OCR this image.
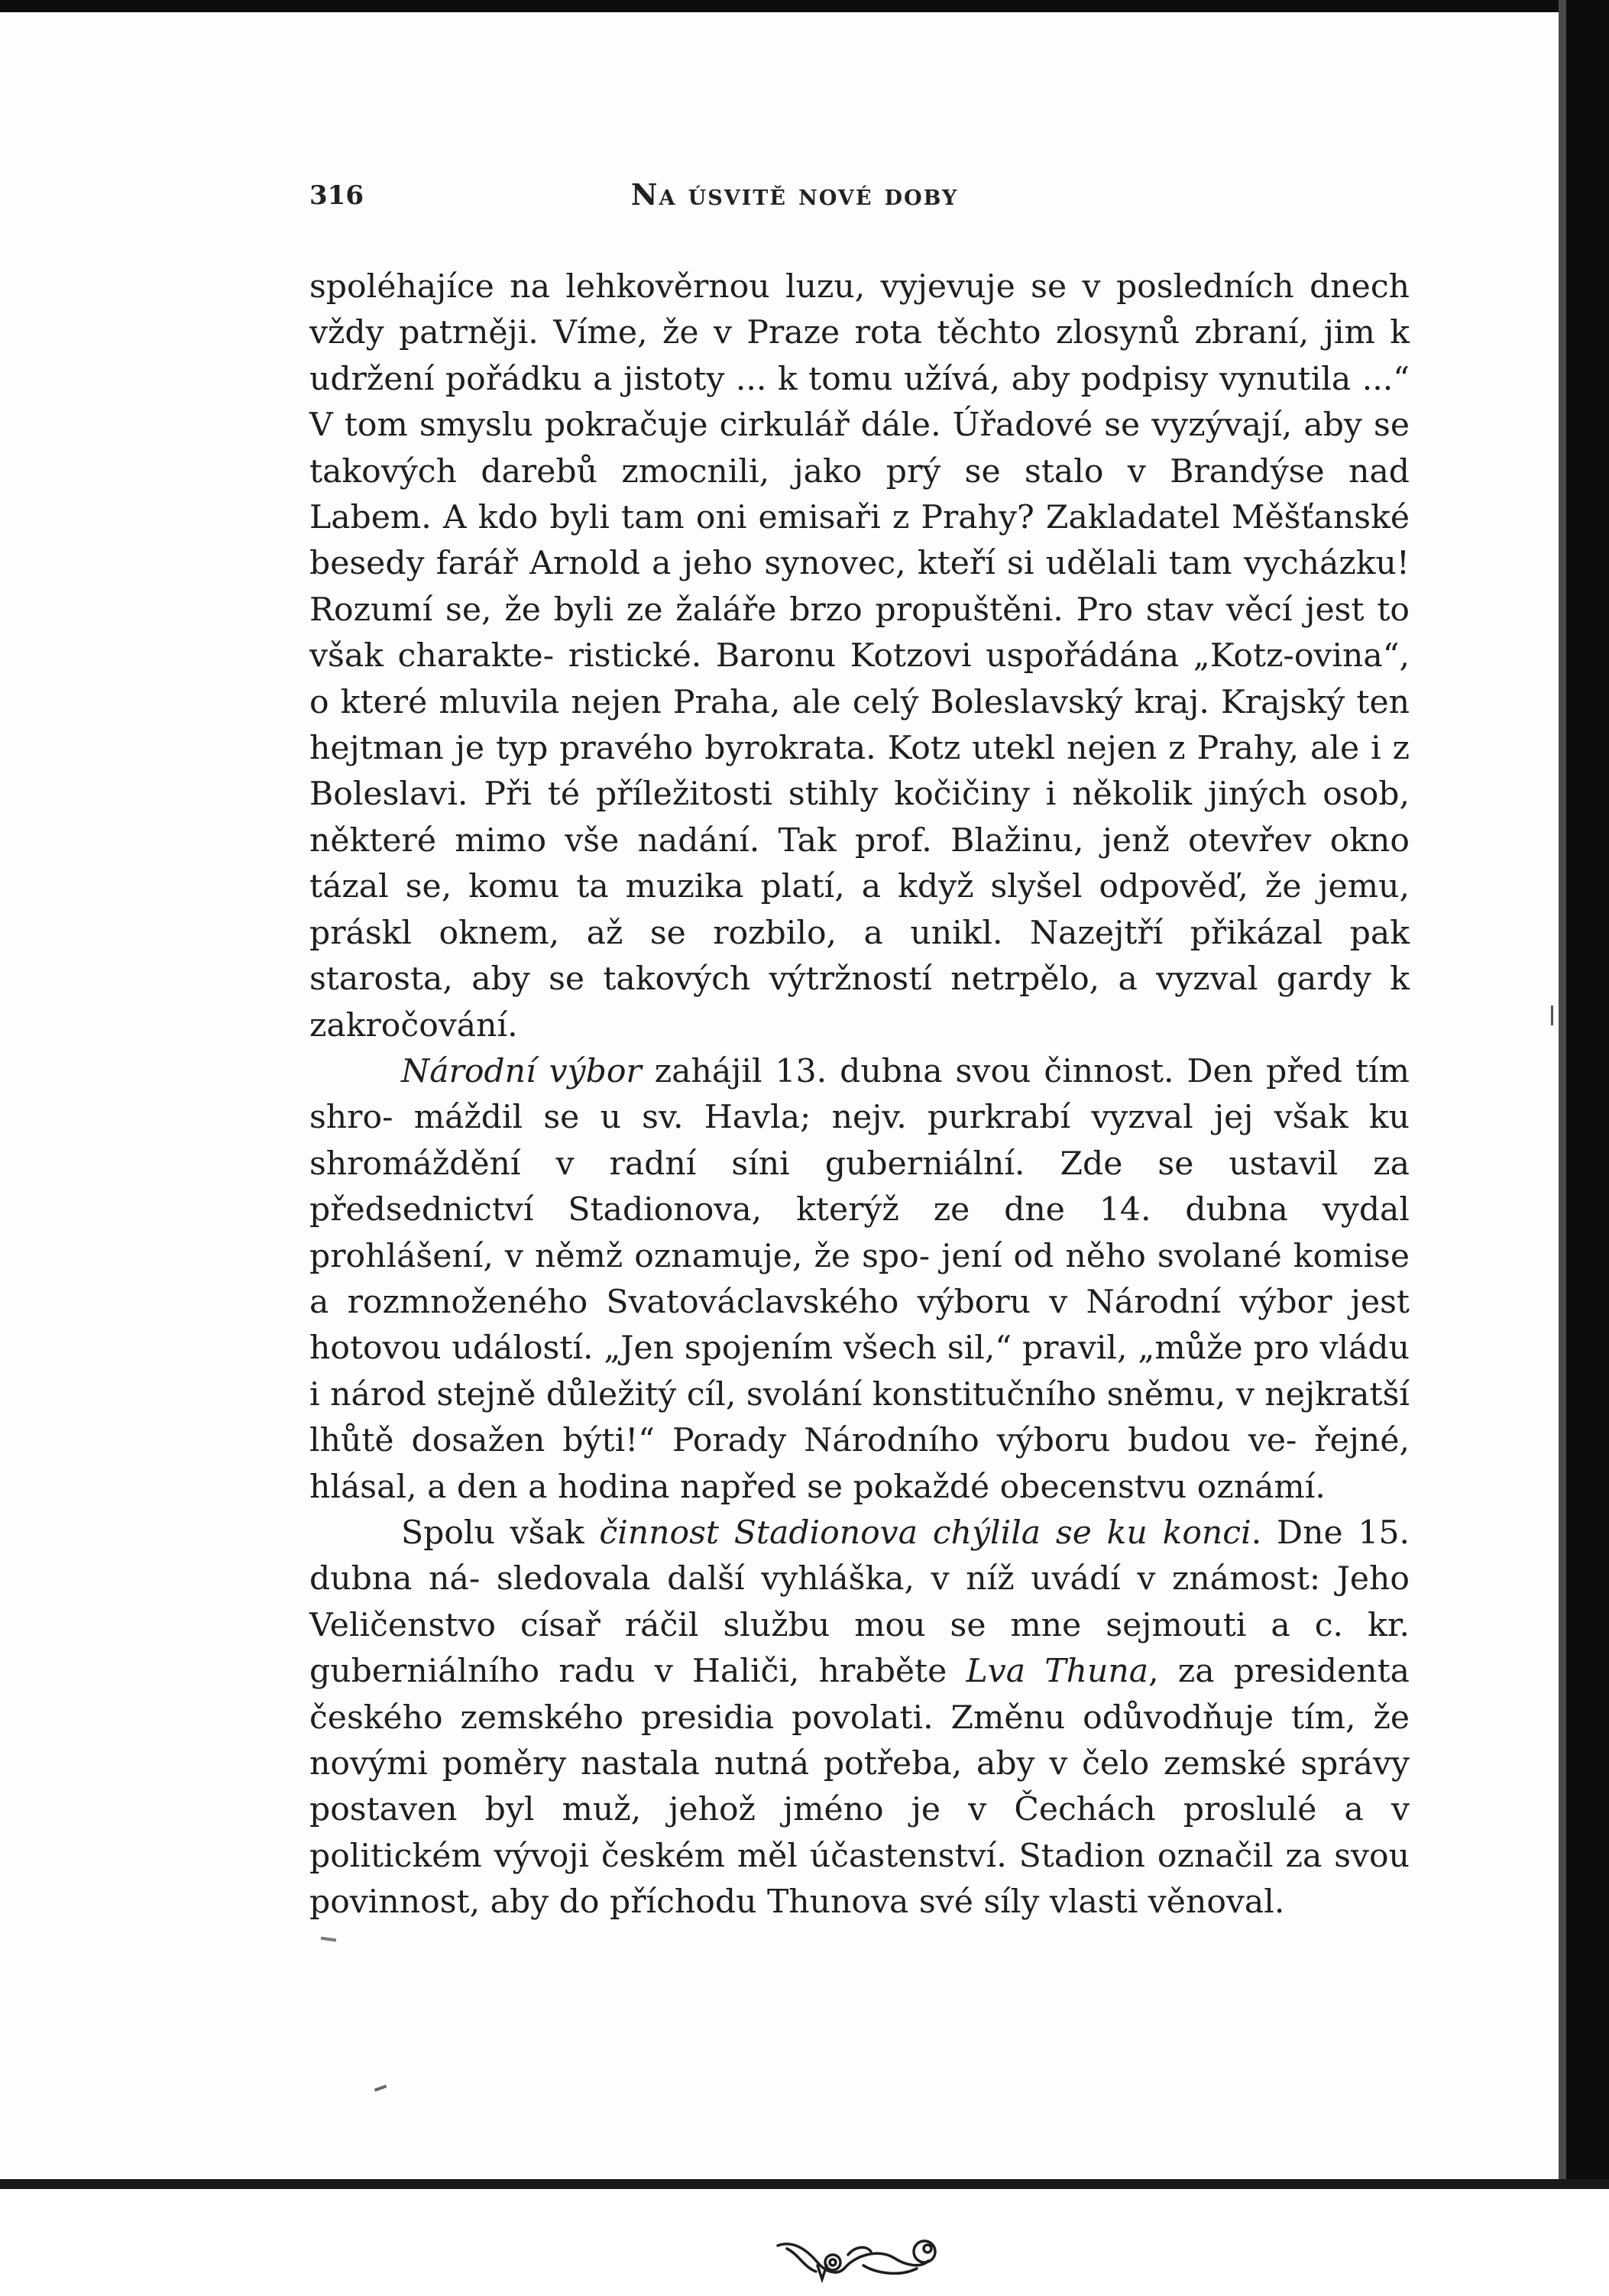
316	Na úsvitě nové doby

spoléhajíce na lehkověrnou luzu, vyjevuje se v posledních dnech vždy patrněji. Víme, že v Praze rota těchto zlosynů zbraní, jim k udržení pořádku a jistoty ... k tomu užívá, aby podpisy vynutila ...“ V tom smyslu pokračuje cirkulář dále. Úřadové se vyzývají, aby se takových darebů zmocnili, jako prý se stalo v Brandýse nad Labem. A kdo byli tam oni emisaři z Prahy? Zakladatel Měšťanské besedy farář Arnold a jeho synovec, kteří si udělali tam vycházku! Rozumí se, že byli ze žaláře brzo propuštěni. Pro stav věcí jest to však charakte- ristické. Baronu Kotzovi uspořádána „Kotz-ovina“, o které mluvila nejen Praha, ale celý Boleslavský kraj. Krajský ten hejtman je typ pravého byrokrata. Kotz utekl nejen z Prahy, ale i z Boleslavi. Při té příležitosti stihly kočičiny i několik jiných osob, některé mimo vše nadání. Tak prof. Blažinu, jenž otevřev okno tázal se, komu ta muzika platí, a když slyšel odpověď, že jemu, práskl oknem, až se rozbilo, a unikl. Nazejtří přikázal pak starosta, aby se takových výtržností netrpělo, a vyzval gardy k zakročování.

Národní výbor zahájil 13. dubna svou činnost. Den před tím shro- máždil se u sv. Havla; nejv. purkrabí vyzval jej však ku shromáždění v radní síni guberniální. Zde se ustavil za předsednictví Stadionova, kterýž ze dne 14. dubna vydal prohlášení, v němž oznamuje, že spo- jení od něho svolané komise a rozmnoženého Svatováclavského výboru v Národní výbor jest hotovou událostí. „Jen spojením všech sil,“ pravil, „může pro vládu i národ stejně důležitý cíl, svolání konstitučního sněmu, v nejkratší lhůtě dosažen býti!“ Porady Národního výboru budou ve- řejné, hlásal, a den a hodina napřed se pokaždé obecenstvu oznámí.

Spolu však činnost Stadionova chýlila se ku konci. Dne 15. dubna ná- sledovala další vyhláška, v níž uvádí v známost: Jeho Veličenstvo císař ráčil službu mou se mne sejmouti a c. kr. guberniálního radu v Haliči, hraběte Lva Thuna, za presidenta českého zemského presidia povolati. Změnu odůvodňuje tím, že novými poměry nastala nutná potřeba, aby v čelo zemské správy postaven byl muž, jehož jméno je v Čechách proslulé a v politickém vývoji českém měl účastenství. Stadion označil za svou povinnost, aby do příchodu Thunova své síly vlasti věnoval.
